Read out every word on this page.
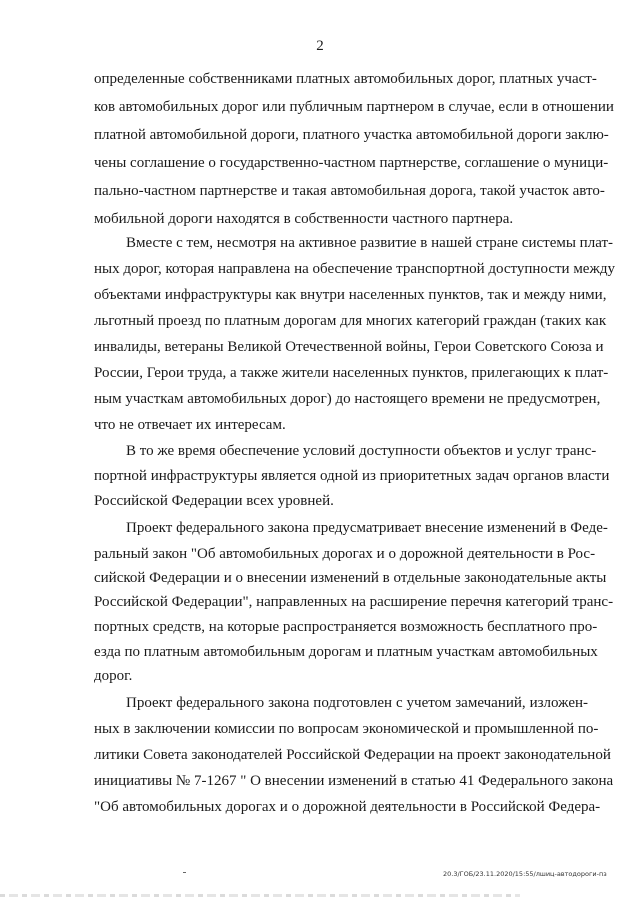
2
определенные собственниками платных автомобильных дорог, платных участ-
ков автомобильных дорог или публичным партнером в случае, если в отношении
платной автомобильной дороги, платного участка автомобильной дороги заклю-
чены соглашение о государственно-частном партнерстве, соглашение о муници-
пально-частном партнерстве и такая автомобильная дорога, такой участок авто-
мобильной дороги находятся в собственности частного партнера.
Вместе с тем, несмотря на активное развитие в нашей стране системы плат-
ных дорог, которая направлена на обеспечение транспортной доступности между
объектами инфраструктуры как внутри населенных пунктов, так и между ними,
льготный проезд по платным дорогам для многих категорий граждан (таких как
инвалиды, ветераны Великой Отечественной войны, Герои Советского Союза и
России, Герои труда, а также жители населенных пунктов, прилегающих к плат-
ным участкам автомобильных дорог) до настоящего времени не предусмотрен,
что не отвечает их интересам.
В то же время обеспечение условий доступности объектов и услуг транс-
портной инфраструктуры является одной из приоритетных задач органов власти
Российской Федерации всех уровней.
Проект федерального закона предусматривает внесение изменений в Феде-
ральный закон "Об автомобильных дорогах и о дорожной деятельности в Рос-
сийской Федерации и о внесении изменений в отдельные законодательные акты
Российской Федерации", направленных на расширение перечня категорий транс-
портных средств, на которые распространяется возможность бесплатного про-
езда по платным автомобильным дорогам и платным участкам автомобильных
дорог.
Проект федерального закона подготовлен с учетом замечаний, изложен-
ных в заключении комиссии по вопросам экономической и промышленной по-
литики Совета законодателей Российской Федерации на проект законодательной
инициативы № 7-1267 " О внесении изменений в статью 41 Федерального закона
"Об автомобильных дорогах и о дорожной деятельности в Российской Федера-
20.3/ГОБ/23.11.2020/15:55/лшиц-автодороги-пз
